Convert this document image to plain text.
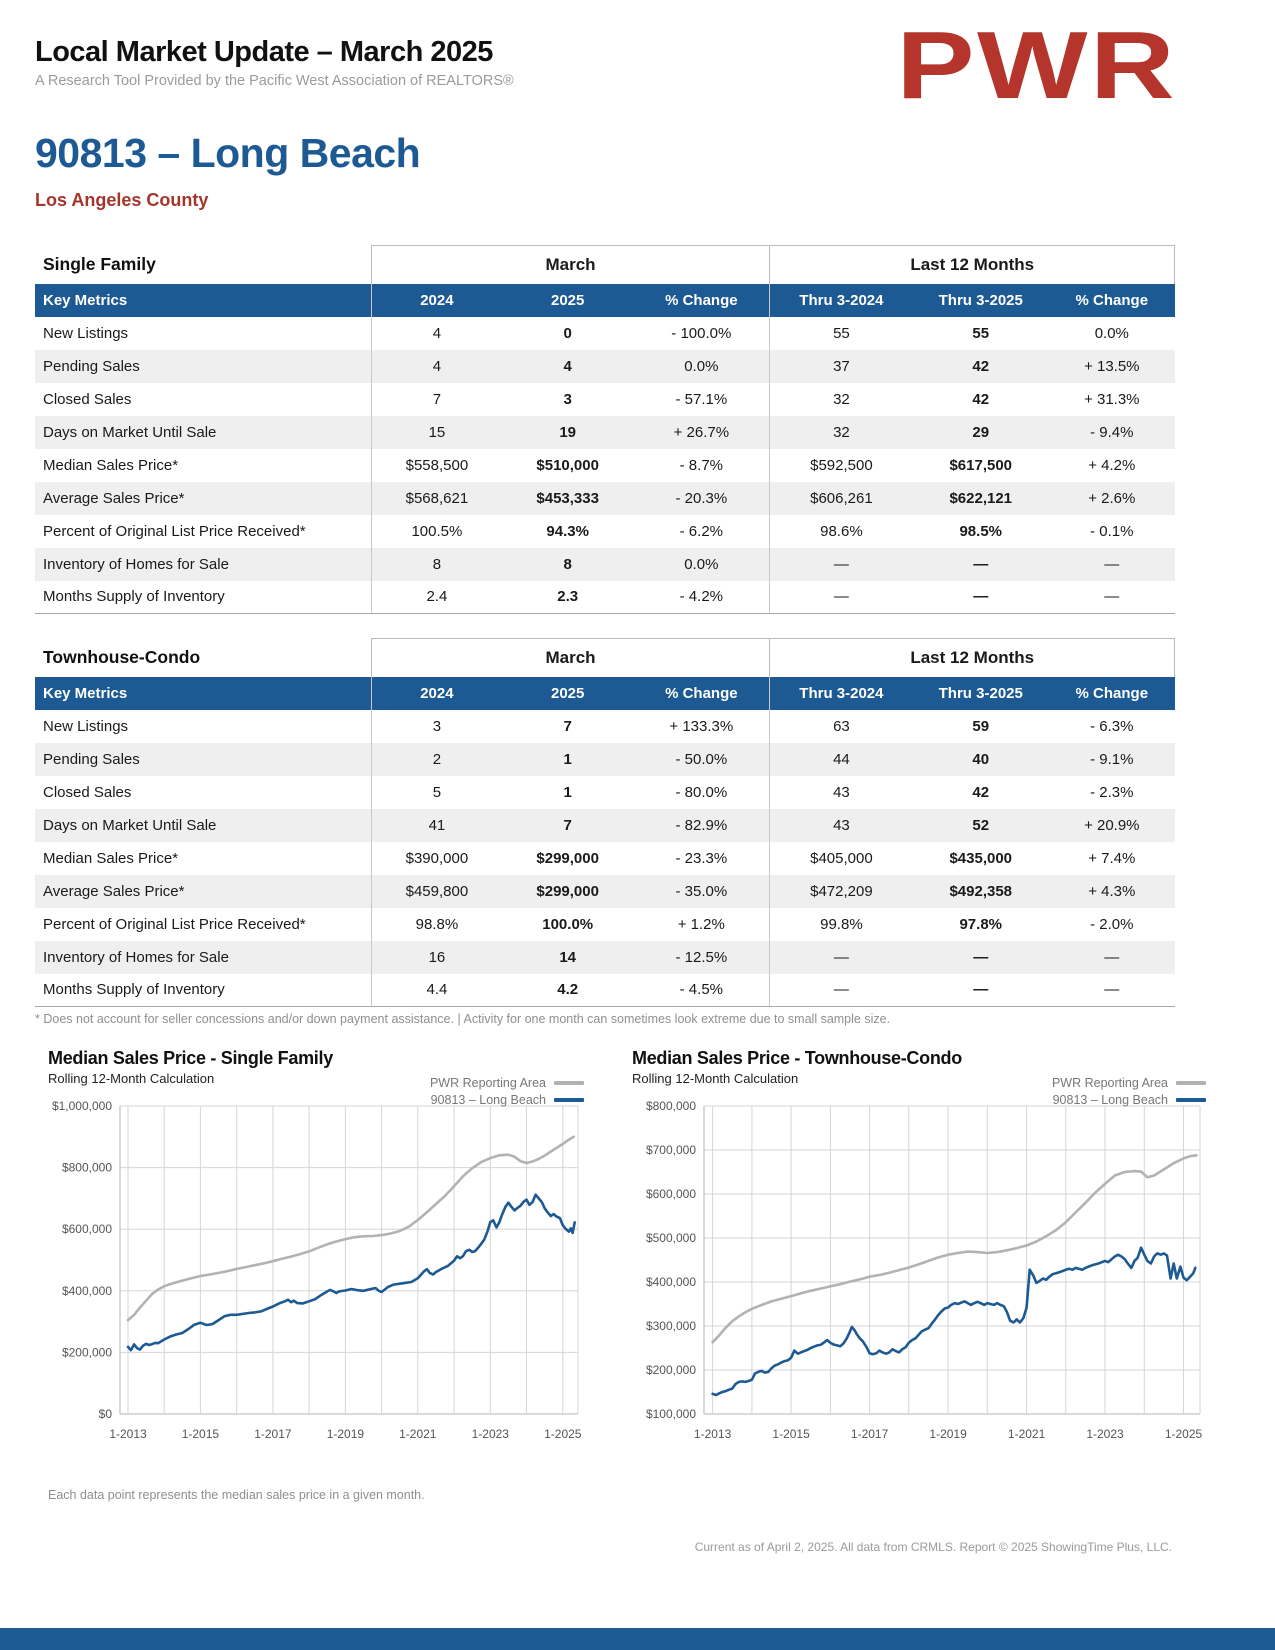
Local Market Update – March 2025
A Research Tool Provided by the Pacific West Association of REALTORS®	PWR
90813 – Long Beach
Los Angeles County
Single Family	March			Last 12 Months		
Key Metrics	2024	2025	% Change	Thru 3-2024	Thru 3-2025	% Change
New Listings	4	0	- 100.0%	55	55	0.0%
Pending Sales	4	4	0.0%	37	42	+ 13.5%
Closed Sales	7	3	- 57.1%	32	42	+ 31.3%
Days on Market Until Sale	15	19	+ 26.7%	32	29	- 9.4%
Median Sales Price*	$558,500	$510,000	- 8.7%	$592,500	$617,500	+ 4.2%
Average Sales Price*	$568,621	$453,333	- 20.3%	$606,261	$622,121	+ 2.6%
Percent of Original List Price Received*	100.5%	94.3%	- 6.2%	98.6%	98.5%	- 0.1%
Inventory of Homes for Sale	8	8	0.0%	—	—	—
Months Supply of Inventory	2.4	2.3	- 4.2%	—	—	—
Townhouse-Condo	March			Last 12 Months		
Key Metrics	2024	2025	% Change	Thru 3-2024	Thru 3-2025	% Change
New Listings	3	7	+ 133.3%	63	59	- 6.3%
Pending Sales	2	1	- 50.0%	44	40	- 9.1%
Closed Sales	5	1	- 80.0%	43	42	- 2.3%
Days on Market Until Sale	41	7	- 82.9%	43	52	+ 20.9%
Median Sales Price*	$390,000	$299,000	- 23.3%	$405,000	$435,000	+ 7.4%
Average Sales Price*	$459,800	$299,000	- 35.0%	$472,209	$492,358	+ 4.3%
Percent of Original List Price Received*	98.8%	100.0%	+ 1.2%	99.8%	97.8%	- 2.0%
Inventory of Homes for Sale	16	14	- 12.5%	—	—	—
Months Supply of Inventory	4.4	4.2	- 4.5%	—	—	—
* Does not account for seller concessions and/or down payment assistance. | Activity for one month can sometimes look extreme due to small sample size.
Median Sales Price - Single Family
Rolling 12-Month Calculation	PWR Reporting Area
90813 – Long Beach
$0
$200,000
$400,000
$600,000
$800,000
$1,000,000
1-2013	1-2015	1-2017	1-2019	1-2021	1-2023	1-2025
Median Sales Price - Townhouse-Condo
Rolling 12-Month Calculation	PWR Reporting Area
90813 – Long Beach
$100,000
$200,000
$300,000
$400,000
$500,000
$600,000
$700,000
$800,000
1-2013	1-2015	1-2017	1-2019	1-2021	1-2023	1-2025
Each data point represents the median sales price in a given month.
Current as of April 2, 2025. All data from CRMLS. Report © 2025 ShowingTime Plus, LLC.
